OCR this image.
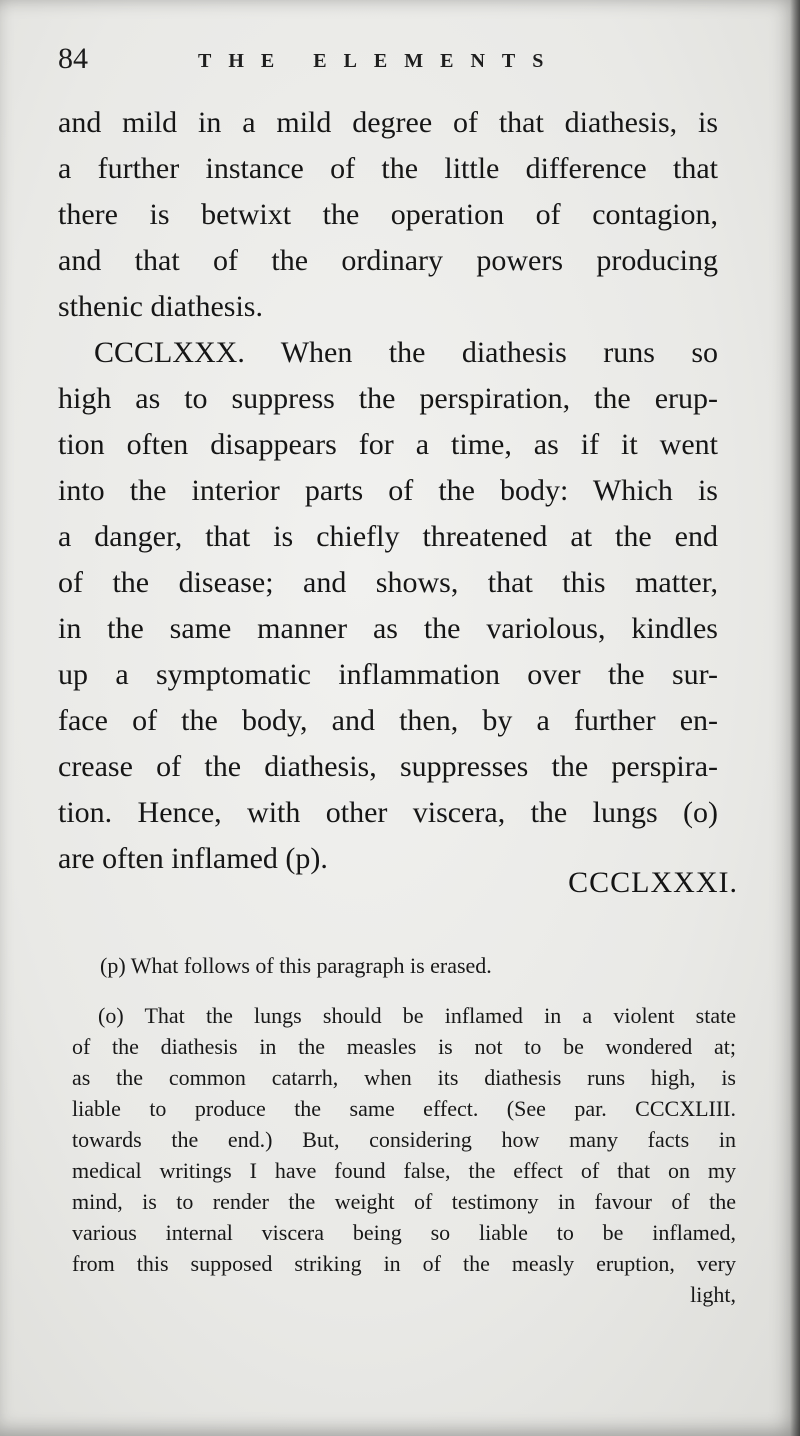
84	THE ELEMENTS
and mild in a mild degree of that diathesis, is
a further instance of the little difference that
there is betwixt the operation of contagion,
and that of the ordinary powers producing
sthenic diathesis.
CCCLXXX. When the diathesis runs so
high as to suppress the perspiration, the erup-
tion often disappears for a time, as if it went
into the interior parts of the body: Which is
a danger, that is chiefly threatened at the end
of the disease; and shows, that this matter,
in the same manner as the variolous, kindles
up a symptomatic inflammation over the sur-
face of the body, and then, by a further en-
crease of the diathesis, suppresses the perspira-
tion. Hence, with other viscera, the lungs (o)
are often inflamed (p).
CCCLXXXI.
(p) What follows of this paragraph is erased.
(o) That the lungs should be inflamed in a violent state
of the diathesis in the measles is not to be wondered at;
as the common catarrh, when its diathesis runs high, is
liable to produce the same effect. (See par. CCCXLIII.
towards the end.) But, considering how many facts in
medical writings I have found false, the effect of that on my
mind, is to render the weight of testimony in favour of the
various internal viscera being so liable to be inflamed,
from this supposed striking in of the measly eruption, very
light,
